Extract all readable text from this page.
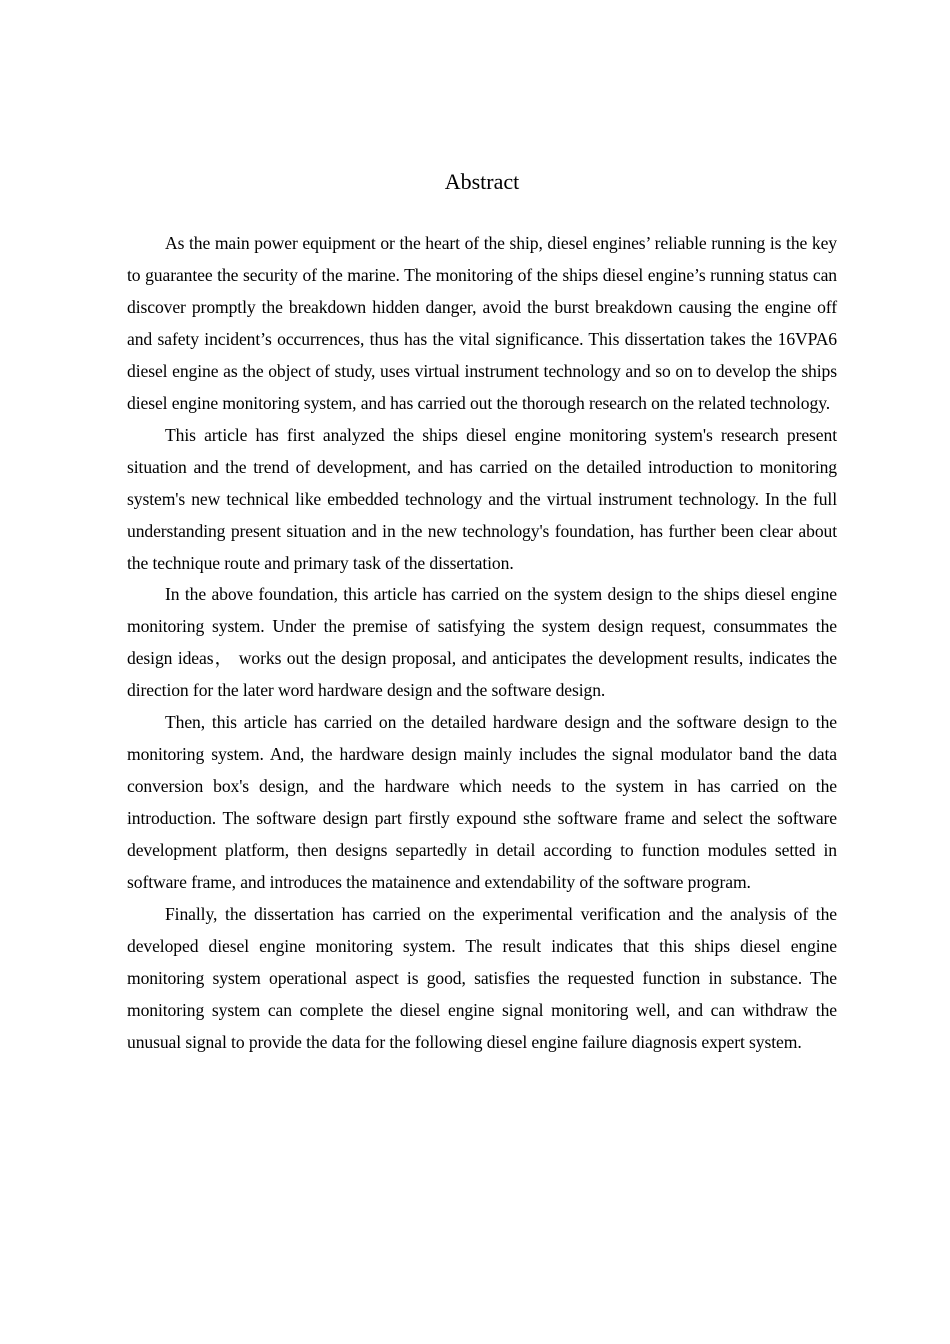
Abstract

As the main power equipment or the heart of the ship, diesel engines’ reliable running is the key to guarantee the security of the marine. The monitoring of the ships diesel engine’s running status can discover promptly the breakdown hidden danger, avoid the burst breakdown causing the engine off and safety incident’s occurrences, thus has the vital significance. This dissertation takes the 16VPA6 diesel engine as the object of study, uses virtual instrument technology and so on to develop the ships diesel engine monitoring system, and has carried out the thorough research on the related technology.

This article has first analyzed the ships diesel engine monitoring system's research present situation and the trend of development, and has carried on the detailed introduction to monitoring system's new technical like embedded technology and the virtual instrument technology. In the full understanding present situation and in the new technology's foundation, has further been clear about the technique route and primary task of the dissertation.

In the above foundation, this article has carried on the system design to the ships diesel engine monitoring system. Under the premise of satisfying the system design request, consummates the design ideas， works out the design proposal, and anticipates the development results, indicates the direction for the later word hardware design and the software design.

Then, this article has carried on the detailed hardware design and the software design to the monitoring system. And, the hardware design mainly includes the signal modulator band the data conversion box's design, and the hardware which needs to the system in has carried on the introduction. The software design part firstly expound sthe software frame and select the software development platform, then designs separtedly in detail according to function modules setted in software frame, and introduces the matainence and extendability of the software program.

Finally, the dissertation has carried on the experimental verification and the analysis of the developed diesel engine monitoring system. The result indicates that this ships diesel engine monitoring system operational aspect is good, satisfies the requested function in substance. The monitoring system can complete the diesel engine signal monitoring well, and can withdraw the unusual signal to provide the data for the following diesel engine failure diagnosis expert system.
